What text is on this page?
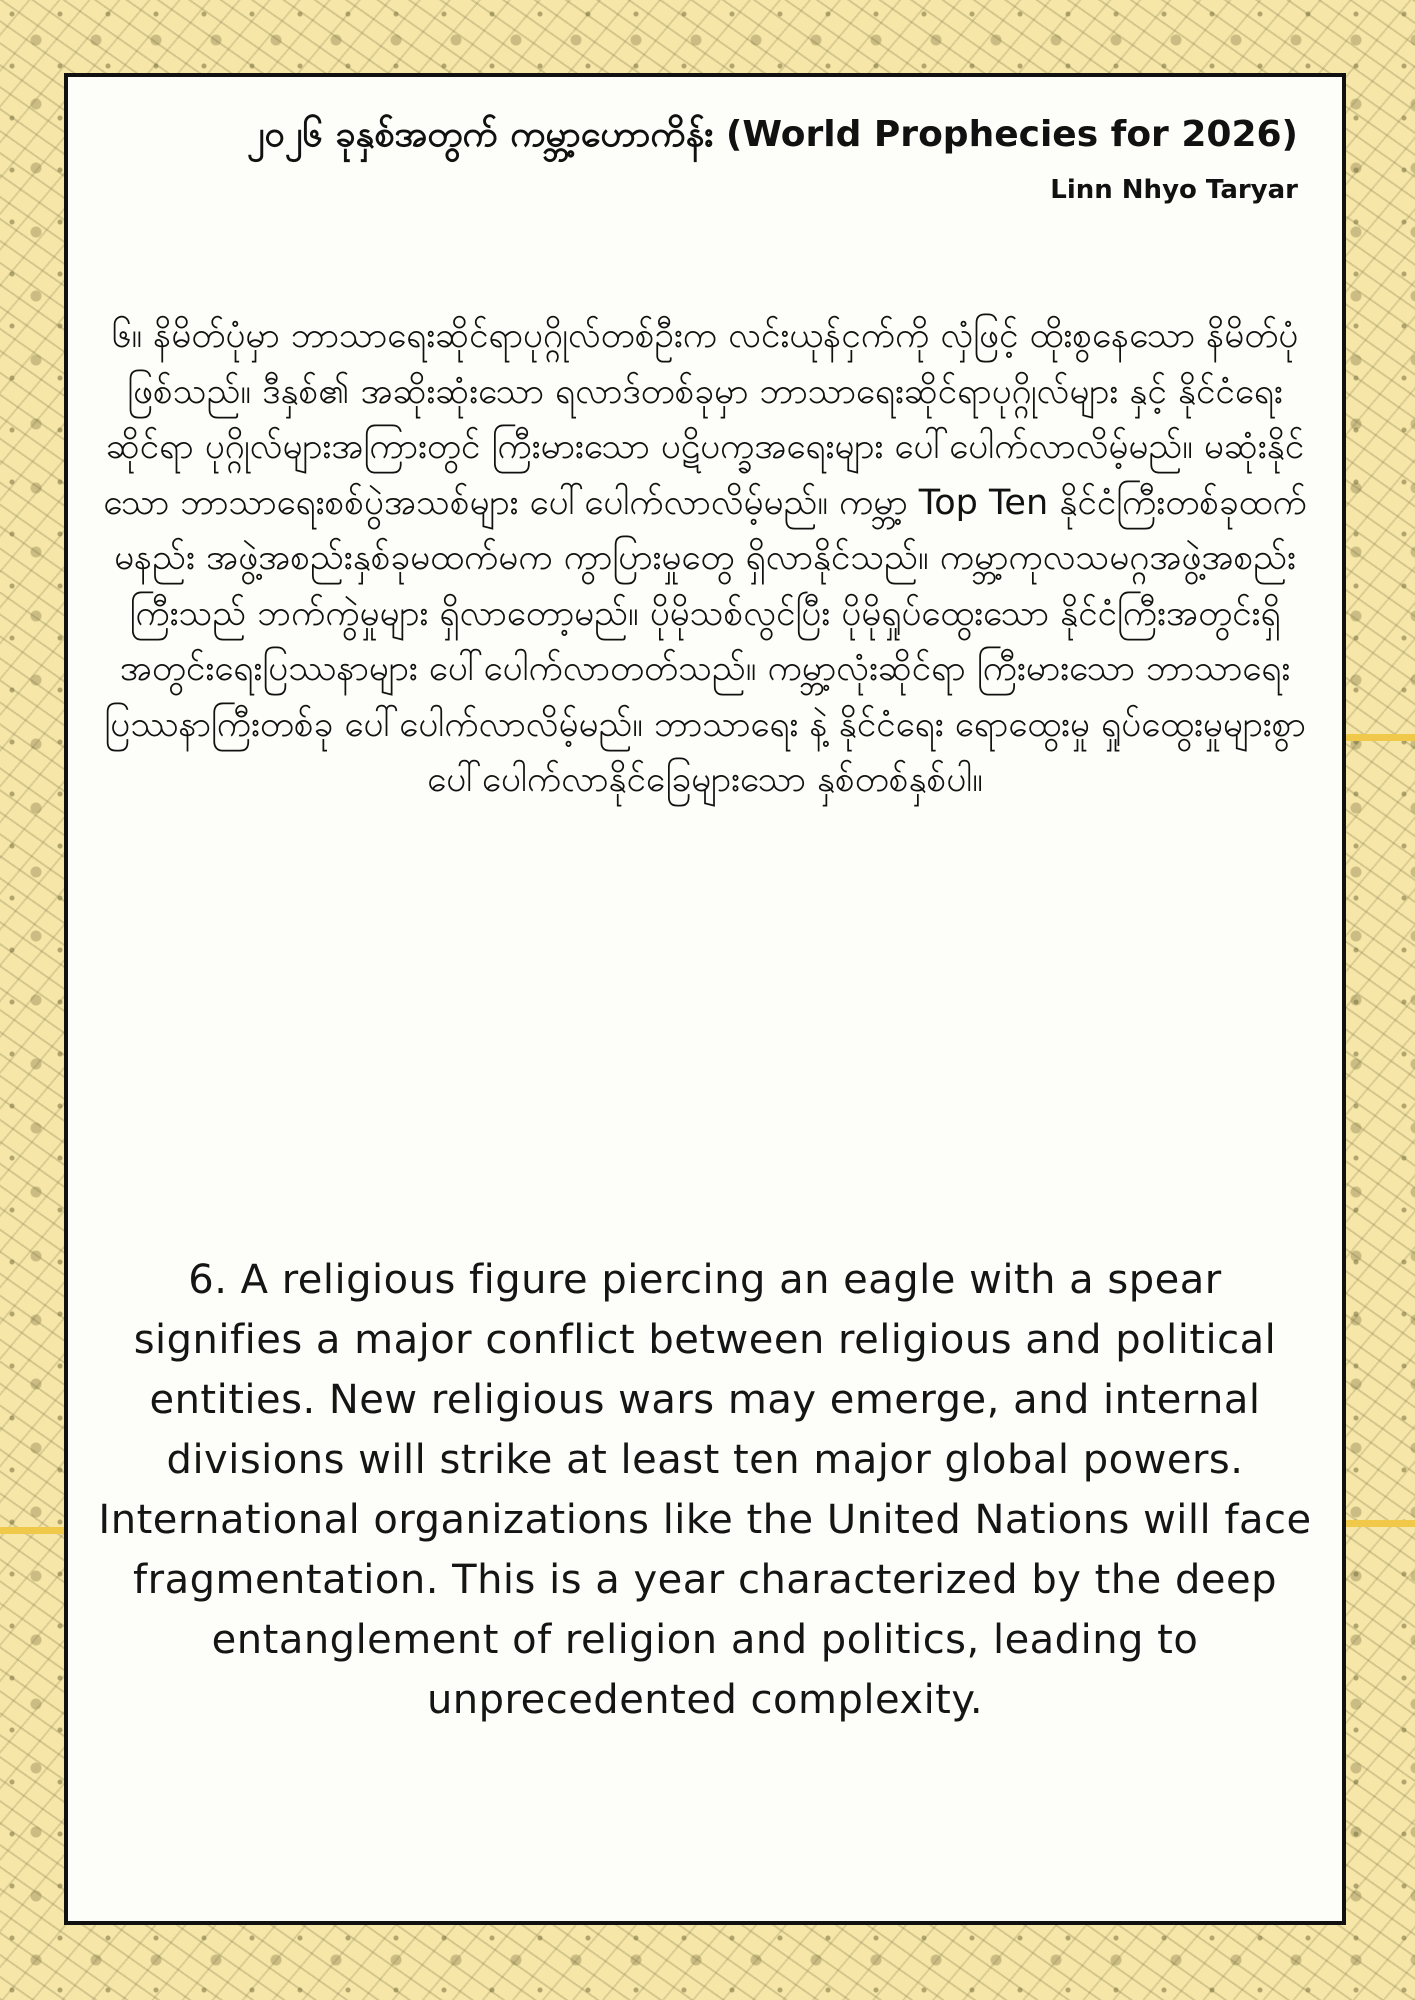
၂၀၂၆ ခုနှစ်အတွက် ကမ္ဘာ့ဟောကိန်း (World Prophecies for 2026)
Linn Nhyo Taryar

၆။ နိမိတ်ပုံမှာ ဘာသာရေးဆိုင်ရာပုဂ္ဂိုလ်တစ်ဦးက လင်းယုန်ငှက်ကို လှံဖြင့် ထိုးစွနေသော နိမိတ်ပုံဖြစ်သည်။ ဒီနှစ်၏ အဆိုးဆုံးသော ရလာဒ်တစ်ခုမှာ ဘာသာရေးဆိုင်ရာပုဂ္ဂိုလ်များ နှင့် နိုင်ငံရေးဆိုင်ရာ ပုဂ္ဂိုလ်များအကြားတွင် ကြီးမားသော ပဋိပက္ခအရေးများ ပေါ်ပေါက်လာလိမ့်မည်။ မဆုံးနိုင်သော ဘာသာရေးစစ်ပွဲအသစ်များ ပေါ်ပေါက်လာလိမ့်မည်။ ကမ္ဘာ့ Top Ten နိုင်ငံကြီးတစ်ခုထက် မနည်း အဖွဲ့အစည်းနှစ်ခုမထက်မက ကွာပြားမှုတွေ ရှိလာနိုင်သည်။ ကမ္ဘာ့ကုလသမဂ္ဂအဖွဲ့အစည်းကြီးသည် ဘက်ကွဲမှုများ ရှိလာတော့မည်။ ပိုမိုသစ်လွင်ပြီး ပိုမိုရှုပ်ထွေးသော နိုင်ငံကြီးအတွင်းရှိ အတွင်းရေးပြဿနာများ ပေါ်ပေါက်လာတတ်သည်။ ကမ္ဘာ့လုံးဆိုင်ရာ ကြီးမားသော ဘာသာရေးပြဿနာကြီးတစ်ခု ပေါ်ပေါက်လာလိမ့်မည်။ ဘာသာရေး နဲ့ နိုင်ငံရေး ရောထွေးမှု ရှုပ်ထွေးမှုများစွာ ပေါ်ပေါက်လာနိုင်ခြေများသော နှစ်တစ်နှစ်ပါ။

6. A religious figure piercing an eagle with a spear signifies a major conflict between religious and political entities. New religious wars may emerge, and internal divisions will strike at least ten major global powers. International organizations like the United Nations will face fragmentation. This is a year characterized by the deep entanglement of religion and politics, leading to unprecedented complexity.
